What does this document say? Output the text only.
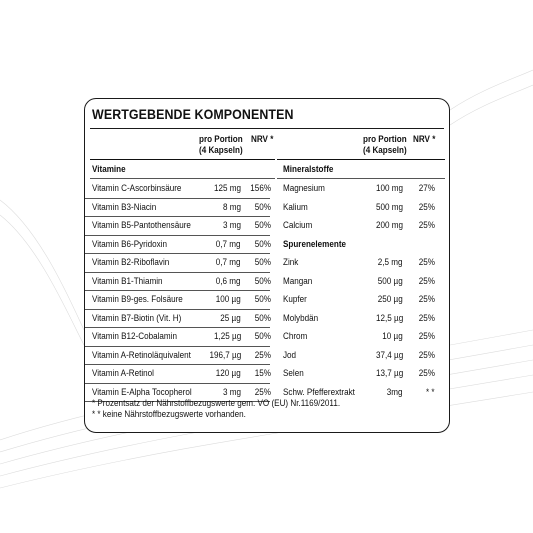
WERTGEBENDE KOMPONENTEN
pro Portion
(4 Kapseln)
NRV *	pro Portion
(4 Kapseln)
NRV *
Vitamine	Mineralstoffe
Vitamin C-Ascorbinsäure	125 mg 156%
Vitamin B3-Niacin	8 mg 50%
Vitamin B5-Pantothensäure	3 mg 50%
Vitamin B6-Pyridoxin	0,7 mg 50%
Vitamin B2-Riboflavin	0,7 mg 50%
Vitamin B1-Thiamin	0,6 mg 50%
Vitamin B9-ges. Folsäure	100 µg 50%
Vitamin B7-Biotin (Vit. H)	25 µg 50%
Vitamin B12-Cobalamin	1,25 µg 50%
Vitamin A-Retinoläquivalent 196,7 µg 25%
Vitamin A-Retinol	120 µg 15%
Vitamin E-Alpha Tocopherol	3 mg 25%
Magnesium	100 mg 27%
Kalium	500 mg 25%
Calcium	200 mg 25%
Spurenelemente
Zink	2,5 mg 25%
Mangan	500 µg 25%
Kupfer	250 µg 25%
Molybdän	12,5 µg 25%
Chrom	10 µg 25%
Jod	37,4 µg 25%
Selen	13,7 µg 25%
Schw. Pfefferextrakt	3mg	* *
* Prozentsatz der Nährstoffbezugswerte gem. VO (EU) Nr.1169/2011.
* * keine Nährstoffbezugswerte vorhanden.
